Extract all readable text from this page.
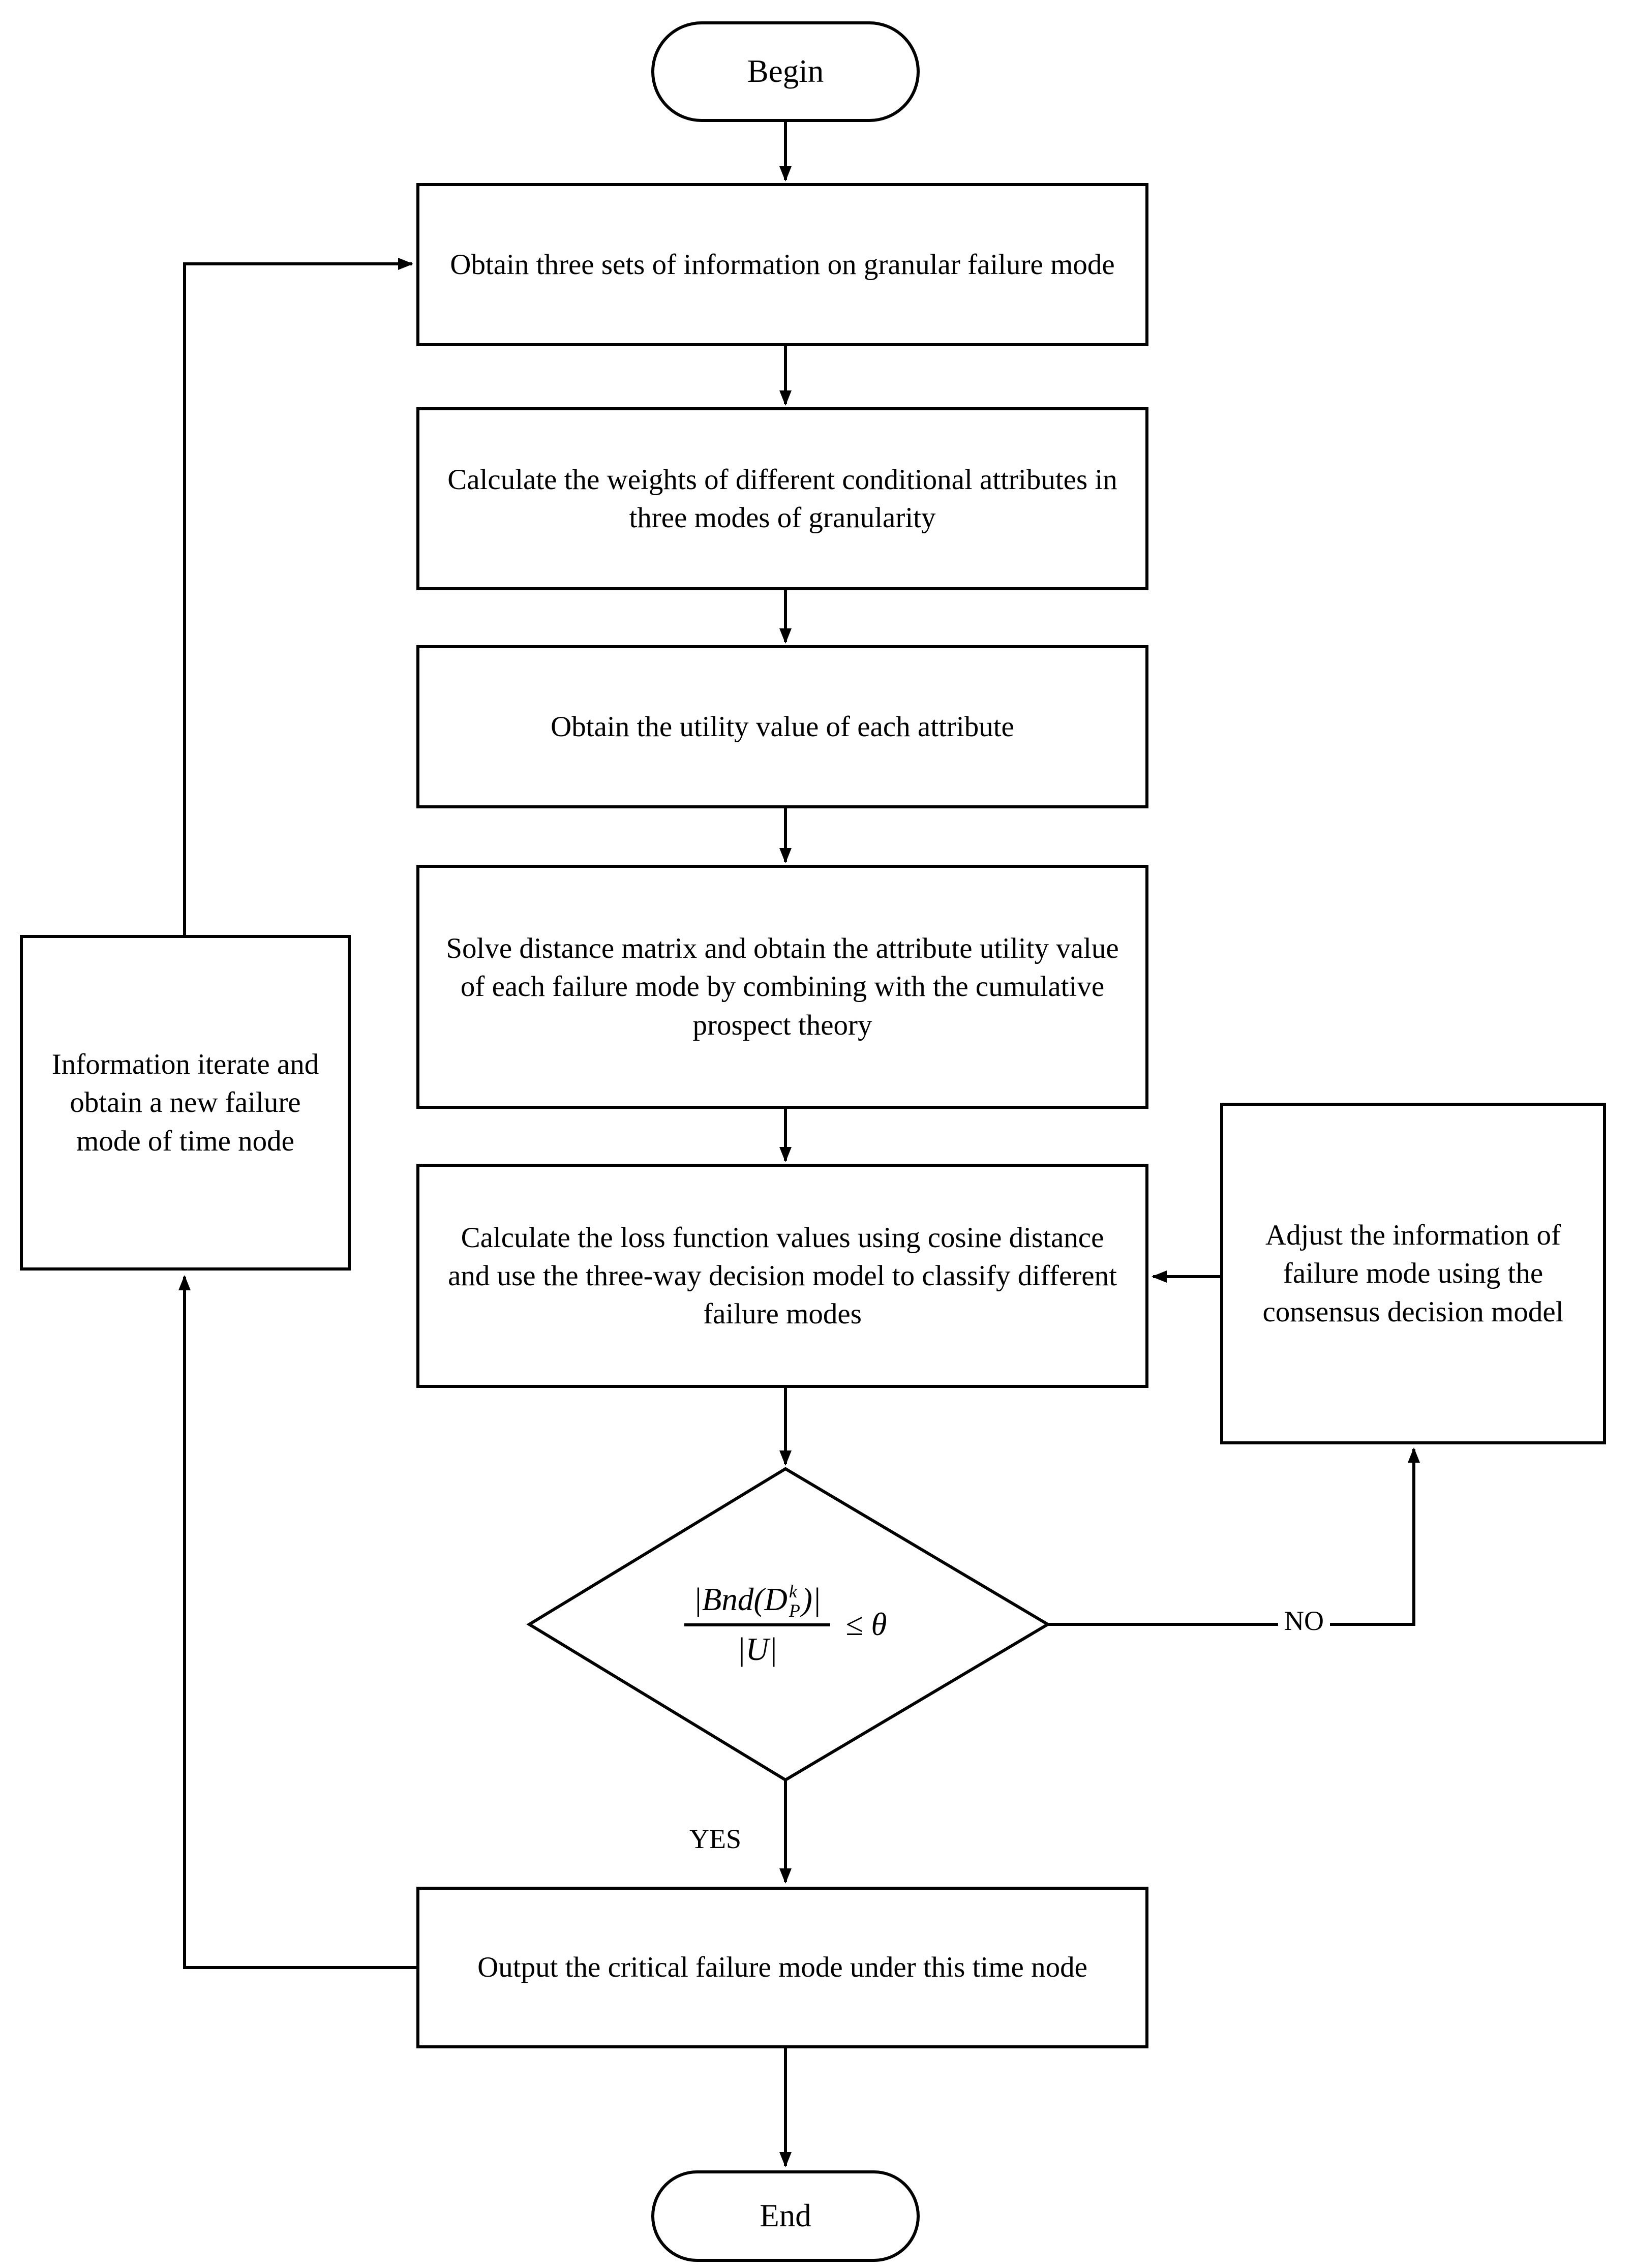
Begin
Obtain three sets of information on granular failure mode
Calculate the weights of different conditional attributes in three modes of granularity
Obtain the utility value of each attribute
Solve distance matrix and obtain the attribute utility value of each failure mode by combining with the cumulative prospect theory
Calculate the loss function values using cosine distance and use the three-way decision model to classify different failure modes
Information iterate and obtain a new failure mode of time node
Adjust the information of failure mode using the consensus decision model
|Bnd(D k
P )|
|U| ≤ θ
YES
NO
Output the critical failure mode under this time node
End
